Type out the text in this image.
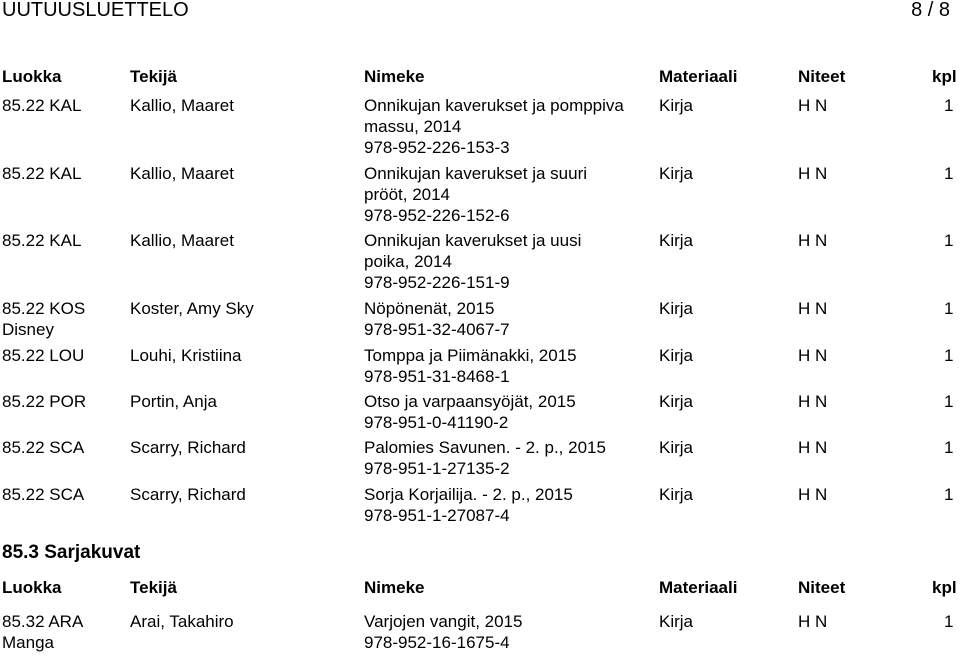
UUTUUSLUETTELO	8 / 8
Luokka	Tekijä	Nimeke	Materiaali	Niteet	kpl
85.22 KAL	Kallio, Maaret	Onnikujan kaverukset ja pomppiva
massu, 2014
978-952-226-153-3
Kirja	H N	1
85.22 KAL	Kallio, Maaret	Onnikujan kaverukset ja suuri
prööt, 2014
978-952-226-152-6
Kirja	H N	1
85.22 KAL	Kallio, Maaret	Onnikujan kaverukset ja uusi
poika, 2014
978-952-226-151-9
Kirja	H N	1
85.22 KOS
Disney
Koster, Amy Sky	Nöpönenät, 2015
978-951-32-4067-7
Kirja	H N	1
85.22 LOU	Louhi, Kristiina	Tomppa ja Piimänakki, 2015
978-951-31-8468-1
Kirja	H N	1
85.22 POR	Portin, Anja	Otso ja varpaansyöjät, 2015
978-951-0-41190-2
Kirja	H N	1
85.22 SCA	Scarry, Richard	Palomies Savunen. - 2. p., 2015
978-951-1-27135-2
Kirja	H N	1
85.22 SCA	Scarry, Richard	Sorja Korjailija. - 2. p., 2015
978-951-1-27087-4
Kirja	H N	1
85.3 Sarjakuvat
Luokka	Tekijä	Nimeke	Materiaali	Niteet	kpl
85.32 ARA
Manga
Arai, Takahiro	Varjojen vangit, 2015
978-952-16-1675-4
Kirja	H N	1
